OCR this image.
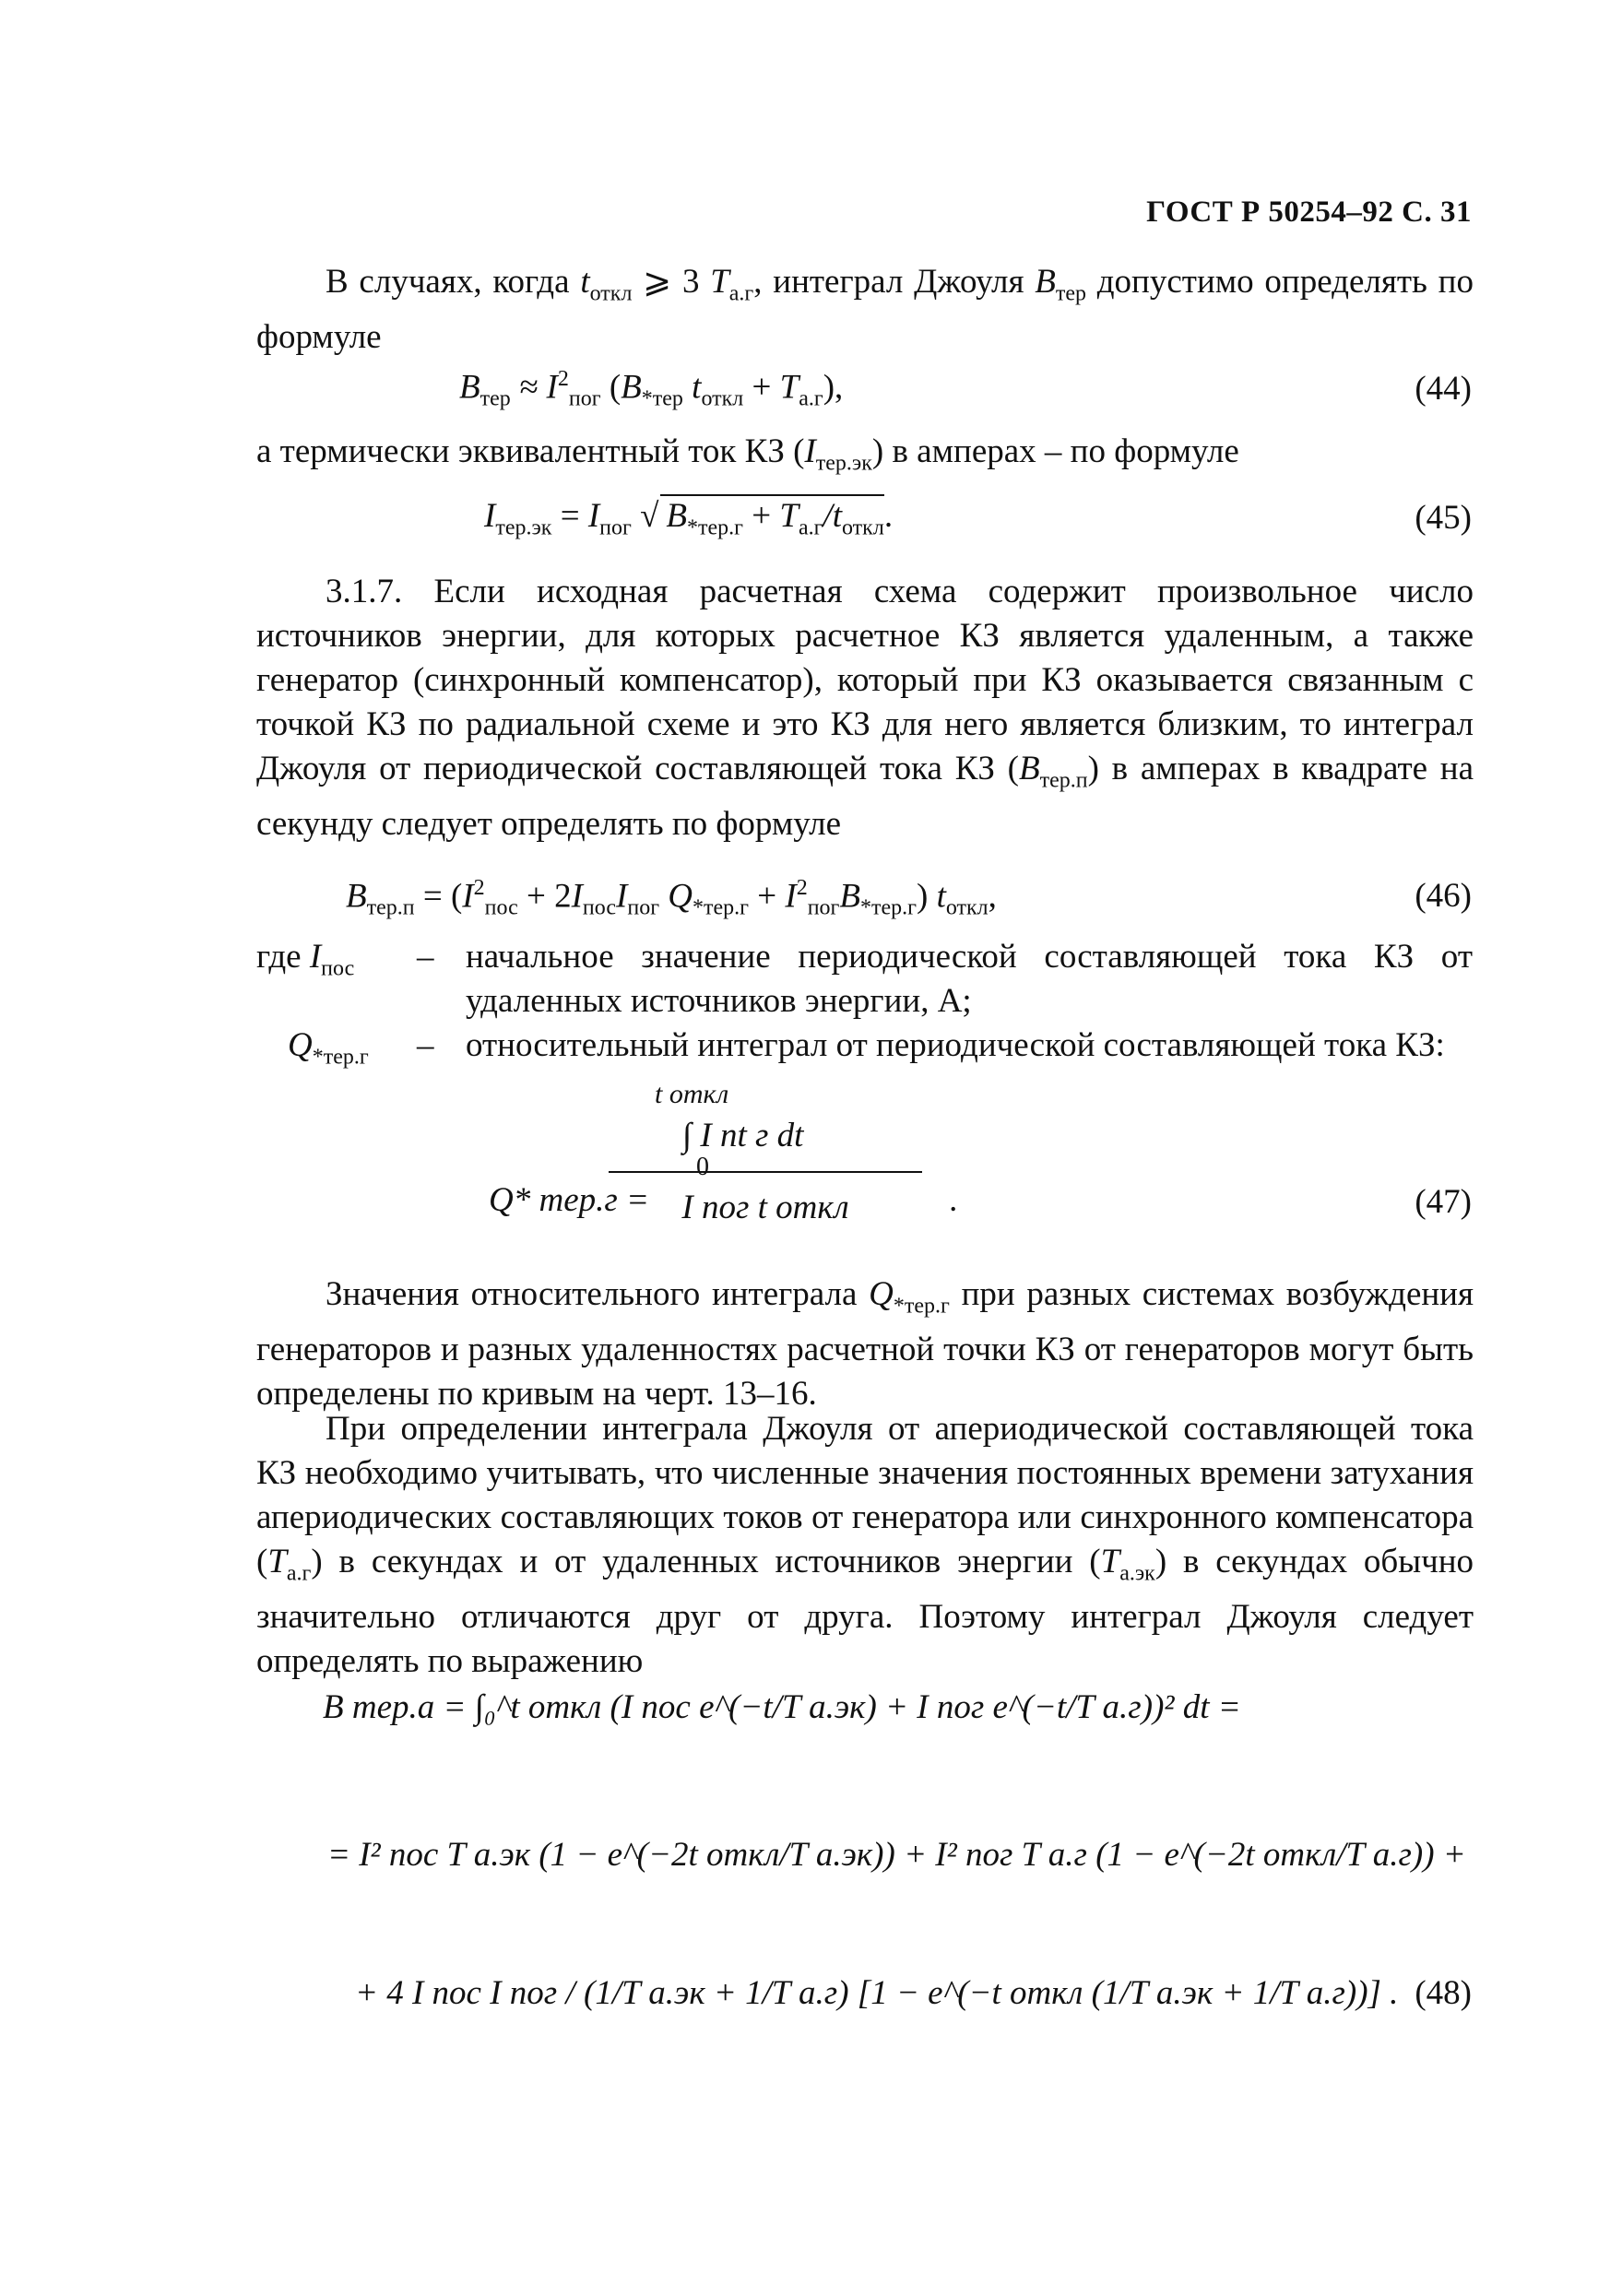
ГОСТ Р 50254–92 С. 31
В случаях, когда $t_{откл}$ ⩾ 3 $T_{а.г}$, интеграл Джоуля $B_{тер}$ допустимо определять по формуле
$B_{тер} \approx I^2_{пог}$ ($B_{*тер}$ $t_{откл} + T_{а.г}$),	(44)
а термически эквивалентный ток КЗ $(I_{тер.эк})$ в амперах – по формуле
$I_{тер.эк} = I_{пог}$ √ $B_{*тер.г} + T_{а.г}/t_{откл}$.	(45)
3.1.7. Если исходная расчетная схема содержит произвольное число источников энергии, для которых расчетное КЗ является удаленным, а также генератор (синхронный компенсатор), который при КЗ оказывается связанным с точкой КЗ по радиальной схеме и это КЗ для него является близким, то интеграл Джоуля от периодической составляющей тока КЗ $(B_{тер.п})$ в амперах в квадрате на секунду следует определять по формуле
$B_{тер.п} = (I^2_{пос} + 2I_{пос}I_{пог}$ $Q_{*тер.г} + I^2_{пог}B_{*тер.г}$) $t_{откл}$,	(46)
где $I_{пос}$ – начальное значение периодической составляющей тока КЗ от удаленных источников энергии, А;
$Q_{*тер.г}$ – относительный интеграл от периодической составляющей тока КЗ:
Q* тер.г =
t откл
∫ I пt г dt
0
I пог t откл	.	(47)
Значения относительного интеграла $Q_{*тер.г}$ при разных системах возбуждения генераторов и разных удаленностях расчетной точки КЗ от генераторов могут быть определены по кривым на черт. 13–16.
При определении интеграла Джоуля от апериодической составляющей тока КЗ необходимо учитывать, что численные значения постоянных времени затухания апериодических составляющих токов от генератора или синхронного компенсатора $(T_{а.г})$ в секундах и от удаленных источников энергии $(T_{а.эк})$ в секундах обычно значительно отличаются друг от друга. Поэтому интеграл Джоуля следует определять по выражению
B тер.а = ∫₀^t откл (I пос e^(−t/T а.эк) + I пог e^(−t/T а.г))² dt =
= I² пос T а.эк (1 − e^(−2t откл/T а.эк)) + I² пог T а.г (1 − e^(−2t откл/T а.г)) +
+ 4 I пос I пог / (1/T а.эк + 1/T а.г) [1 − e^(−t откл (1/T а.эк + 1/T а.г))] . (48)
